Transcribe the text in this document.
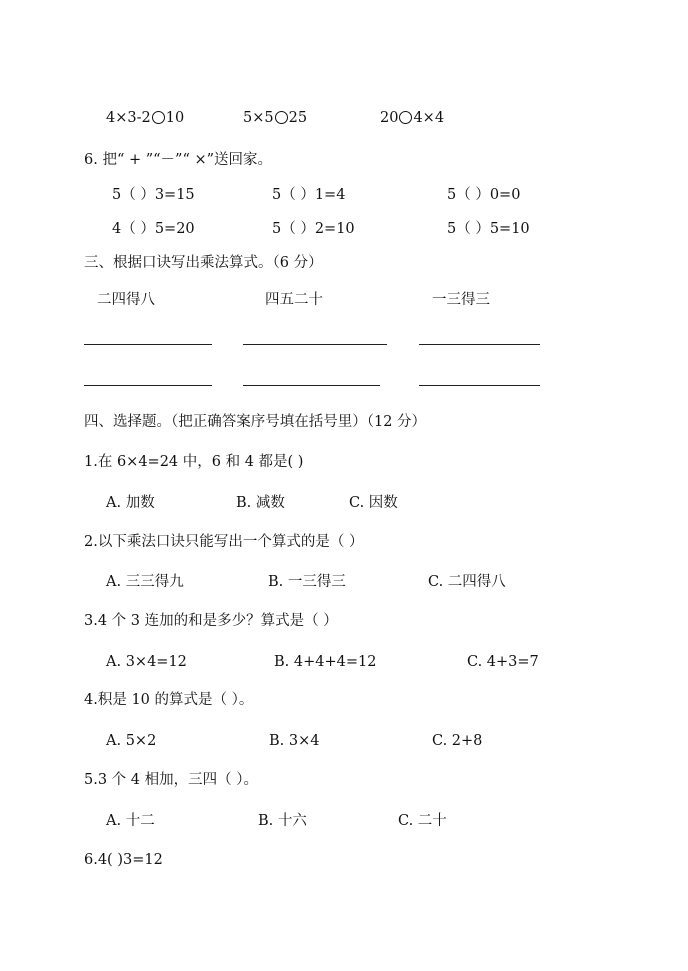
4×3-2 10	5×5 25	20 4×4
6. 把“ + ”“－”“ ×”送回家。
5（ ）3=15	5（ ）1=4	5（ ）0=0
4（ ）5=20	5（ ）2=10	5（ ）5=10
三、根据口诀写出乘法算式。（6 分）
二四得八	四五二十	一三得三
四、选择题。（把正确答案序号填在括号里）（12 分）
1.在 6×4=24 中，6 和 4 都是( )
A. 加数	B. 减数	C. 因数
2.以下乘法口诀只能写出一个算式的是（ ）
A. 三三得九	B. 一三得三	C. 二四得八
3.4 个 3 连加的和是多少？算式是（ ）
A. 3×4=12	B. 4+4+4=12	C. 4+3=7
4.积是 10 的算式是（ ）。
A. 5×2	B. 3×4	C. 2+8
5.3 个 4 相加，三四（ ）。
A. 十二	B. 十六	C. 二十
6.4( )3=12
